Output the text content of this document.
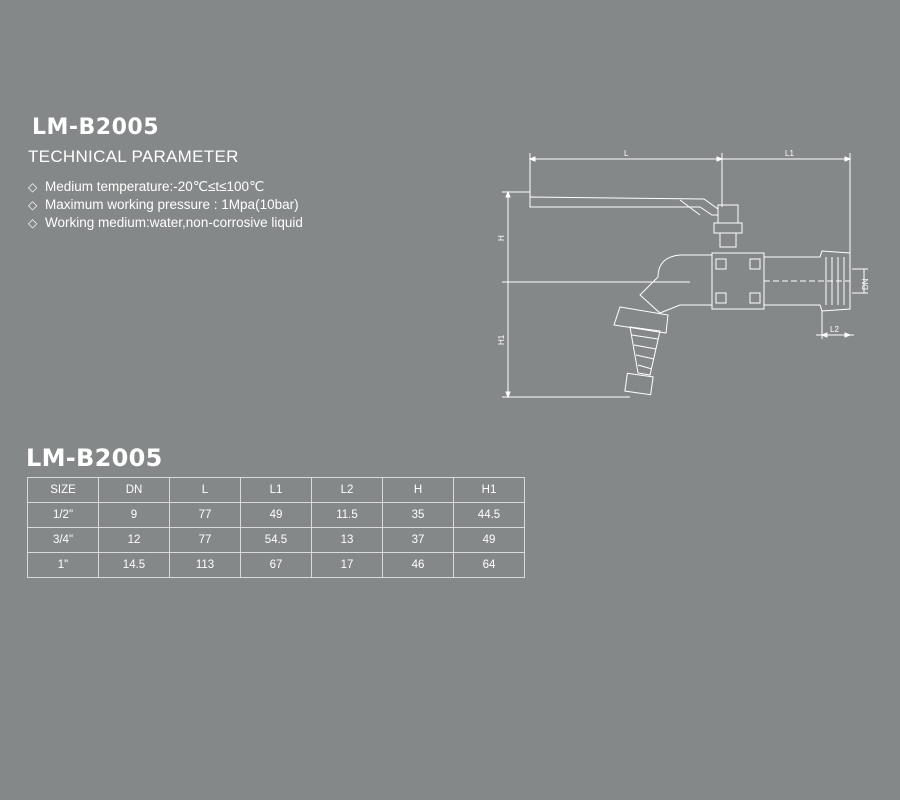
LM-B2005
TECHNICAL PARAMETER
◇ Medium temperature:-20℃≤t≤100℃
◇ Maximum working pressure : 1Mpa(10bar)
◇ Working medium:water,non-corrosive liquid
L	L1
H
H1
DN
L2
LM-B2005
SIZE	DN	L	L1	L2	H	H1
1/2"	9	77	49	11.5	35	44.5
3/4"	12	77	54.5	13	37	49
1"	14.5	113	67	17	46	64
